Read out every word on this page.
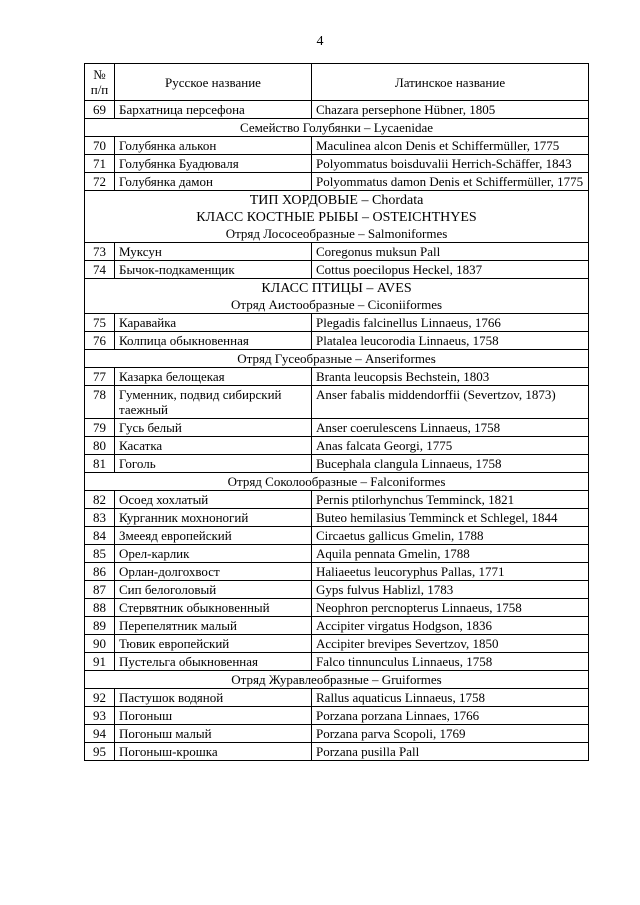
4
№
п/п	Русское название	Латинское название
69	Бархатница персефона	Chazara persephone Hübner, 1805

Семейство Голубянки – Lycaenidae		

70	Голубянка алькон	Maculinea alcon Denis et Schiffermüller, 1775
71	Голубянка Буадюваля	Polyommatus boisduvalii Herrich-Schäffer, 1843
72	Голубянка дамон	Polyommatus damon Denis et Schiffermüller, 1775

ТИП ХОРДОВЫЕ – Chordata
КЛАСС КОСТНЫЕ РЫБЫ – OSTEICHTHYES
Отряд Лососеобразные – Salmoniformes		

73	Муксун	Coregonus muksun Pall
74	Бычок-подкаменщик	Cottus poecilopus Heckel, 1837

КЛАСС ПТИЦЫ – AVES
Отряд Аистообразные – Ciconiiformes		

75	Каравайка	Plegadis falcinellus Linnaeus, 1766
76	Колпица обыкновенная	Platalea leucorodia Linnaeus, 1758

Отряд Гусеобразные – Anseriformes		

77	Казарка белощекая	Branta leucopsis Bechstein, 1803
78	Гуменник, подвид сибирский таежный	Anser fabalis middendorffii (Severtzov, 1873)
79	Гусь белый	Anser coerulescens Linnaeus, 1758
80	Касатка	Anas falcata Georgi, 1775
81	Гоголь	Bucephala clangula Linnaeus, 1758

Отряд Соколообразные – Falconiformes		

82	Осоед хохлатый	Pernis ptilorhynchus Temminck, 1821
83	Курганник мохноногий	Buteo hemilasius Temminck et Schlegel, 1844
84	Змееяд европейский	Circaetus gallicus Gmelin, 1788
85	Орел-карлик	Aquila pennata Gmelin, 1788
86	Орлан-долгохвост	Haliaeetus leucoryphus Pallas, 1771
87	Сип белоголовый	Gyps fulvus Hablizl, 1783
88	Стервятник обыкновенный	Neophron percnopterus Linnaeus, 1758
89	Перепелятник малый	Accipiter virgatus Hodgson, 1836
90	Тювик европейский	Accipiter brevipes Severtzov, 1850
91	Пустельга обыкновенная	Falco tinnunculus Linnaeus, 1758

Отряд Журавлеобразные – Gruiformes		

92	Пастушок водяной	Rallus aquaticus Linnaeus, 1758
93	Погоныш	Porzana porzana Linnaes, 1766
94	Погоныш малый	Porzana parva Scopoli, 1769
95	Погоныш-крошка	Porzana pusilla Pall
